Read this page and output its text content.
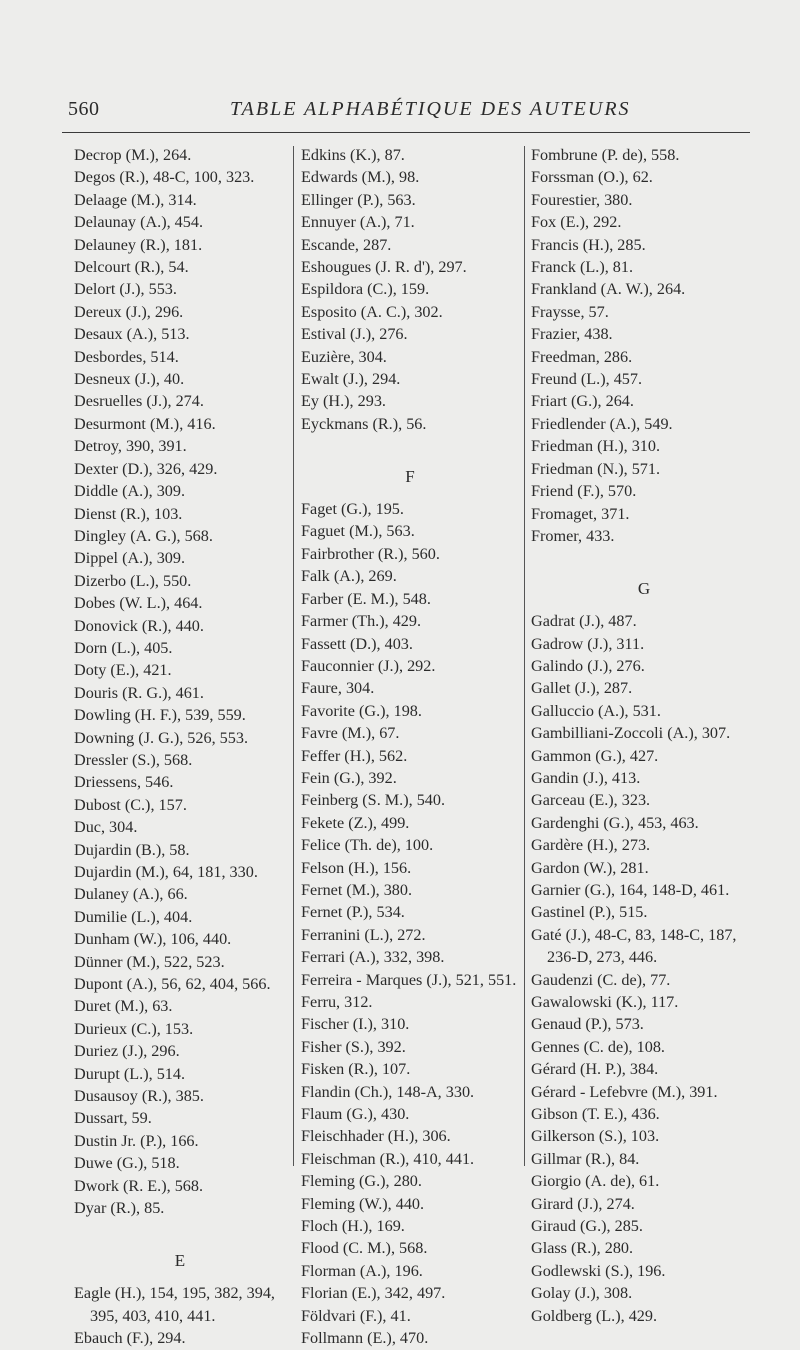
560	TABLE ALPHABÉTIQUE DES AUTEURS

Decrop (M.), 264.

Degos (R.), 48-C, 100, 323.

Delaage (M.), 314.

Delaunay (A.), 454.

Delauney (R.), 181.

Delcourt (R.), 54.

Delort (J.), 553.

Dereux (J.), 296.

Desaux (A.), 513.

Desbordes, 514.

Desneux (J.), 40.

Desruelles (J.), 274.

Desurmont (M.), 416.

Detroy, 390, 391.

Dexter (D.), 326, 429.

Diddle (A.), 309.

Dienst (R.), 103.

Dingley (A. G.), 568.

Dippel (A.), 309.

Dizerbo (L.), 550.

Dobes (W. L.), 464.

Donovick (R.), 440.

Dorn (L.), 405.

Doty (E.), 421.

Douris (R. G.), 461.

Dowling (H. F.), 539, 559.

Downing (J. G.), 526, 553.

Dressler (S.), 568.

Driessens, 546.

Dubost (C.), 157.

Duc, 304.

Dujardin (B.), 58.

Dujardin (M.), 64, 181, 330.

Dulaney (A.), 66.

Dumilie (L.), 404.

Dunham (W.), 106, 440.

Dünner (M.), 522, 523.

Dupont (A.), 56, 62, 404, 566.

Duret (M.), 63.

Durieux (C.), 153.

Duriez (J.), 296.

Durupt (L.), 514.

Dusausoy (R.), 385.

Dussart, 59.

Dustin Jr. (P.), 166.

Duwe (G.), 518.

Dwork (R. E.), 568.

Dyar (R.), 85.

E

Eagle (H.), 154, 195, 382, 394, 395, 403, 410, 441.

Ebauch (F.), 294.

Edkins (K.), 87.

Edwards (M.), 98.

Ellinger (P.), 563.

Ennuyer (A.), 71.

Escande, 287.

Eshougues (J. R. d'), 297.

Espildora (C.), 159.

Esposito (A. C.), 302.

Estival (J.), 276.

Euzière, 304.

Ewalt (J.), 294.

Ey (H.), 293.

Eyckmans (R.), 56.

F

Faget (G.), 195.

Faguet (M.), 563.

Fairbrother (R.), 560.

Falk (A.), 269.

Farber (E. M.), 548.

Farmer (Th.), 429.

Fassett (D.), 403.

Fauconnier (J.), 292.

Faure, 304.

Favorite (G.), 198.

Favre (M.), 67.

Feffer (H.), 562.

Fein (G.), 392.

Feinberg (S. M.), 540.

Fekete (Z.), 499.

Felice (Th. de), 100.

Felson (H.), 156.

Fernet (M.), 380.

Fernet (P.), 534.

Ferranini (L.), 272.

Ferrari (A.), 332, 398.

Ferreira - Marques (J.), 521, 551.

Ferru, 312.

Fischer (I.), 310.

Fisher (S.), 392.

Fisken (R.), 107.

Flandin (Ch.), 148-A, 330.

Flaum (G.), 430.

Fleischhader (H.), 306.

Fleischman (R.), 410, 441.

Fleming (G.), 280.

Fleming (W.), 440.

Floch (H.), 169.

Flood (C. M.), 568.

Florman (A.), 196.

Florian (E.), 342, 497.

Földvari (F.), 41.

Follmann (E.), 470.

Fombrune (P. de), 558.

Forssman (O.), 62.

Fourestier, 380.

Fox (E.), 292.

Francis (H.), 285.

Franck (L.), 81.

Frankland (A. W.), 264.

Fraysse, 57.

Frazier, 438.

Freedman, 286.

Freund (L.), 457.

Friart (G.), 264.

Friedlender (A.), 549.

Friedman (H.), 310.

Friedman (N.), 571.

Friend (F.), 570.

Fromaget, 371.

Fromer, 433.

G

Gadrat (J.), 487.

Gadrow (J.), 311.

Galindo (J.), 276.

Gallet (J.), 287.

Galluccio (A.), 531.

Gambilliani-Zoccoli (A.), 307.

Gammon (G.), 427.

Gandin (J.), 413.

Garceau (E.), 323.

Gardenghi (G.), 453, 463.

Gardère (H.), 273.

Gardon (W.), 281.

Garnier (G.), 164, 148-D, 461.

Gastinel (P.), 515.

Gaté (J.), 48-C, 83, 148-C, 187, 236-D, 273, 446.

Gaudenzi (C. de), 77.

Gawalowski (K.), 117.

Genaud (P.), 573.

Gennes (C. de), 108.

Gérard (H. P.), 384.

Gérard - Lefebvre (M.), 391.

Gibson (T. E.), 436.

Gilkerson (S.), 103.

Gillmar (R.), 84.

Giorgio (A. de), 61.

Girard (J.), 274.

Giraud (G.), 285.

Glass (R.), 280.

Godlewski (S.), 196.

Golay (J.), 308.

Goldberg (L.), 429.
